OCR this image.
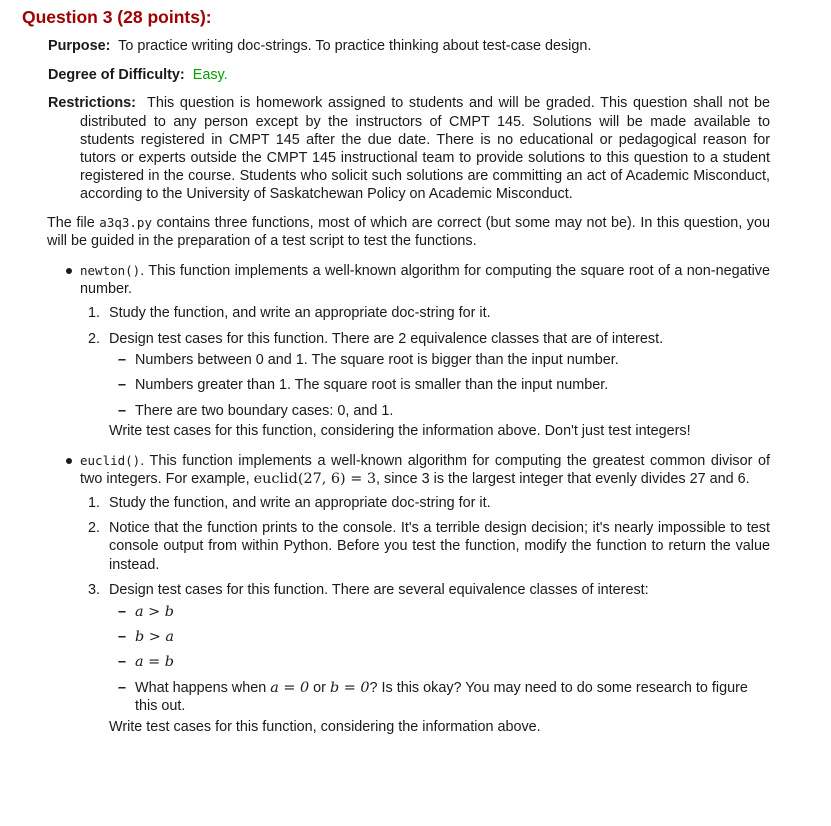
Question 3 (28 points):
Purpose: To practice writing doc-strings. To practice thinking about test-case design.
Degree of Difficulty: Easy.
Restrictions: This question is homework assigned to students and will be graded. This question shall not be distributed to any person except by the instructors of CMPT 145. Solutions will be made available to students registered in CMPT 145 after the due date. There is no educational or pedagogical reason for tutors or experts outside the CMPT 145 instructional team to provide solutions to this question to a student registered in the course. Students who solicit such solutions are committing an act of Academic Misconduct, according to the University of Saskatchewan Policy on Academic Misconduct.
The file a3q3.py contains three functions, most of which are correct (but some may not be). In this question, you will be guided in the preparation of a test script to test the functions.
newton(). This function implements a well-known algorithm for computing the square root of a non-negative number.
1. Study the function, and write an appropriate doc-string for it.
2. Design test cases for this function. There are 2 equivalence classes that are of interest.
– Numbers between 0 and 1. The square root is bigger than the input number.
– Numbers greater than 1. The square root is smaller than the input number.
– There are two boundary cases: 0, and 1.
Write test cases for this function, considering the information above. Don't just test integers!
euclid(). This function implements a well-known algorithm for computing the greatest common divisor of two integers. For example, euclid(27, 6) = 3, since 3 is the largest integer that evenly divides 27 and 6.
1. Study the function, and write an appropriate doc-string for it.
2. Notice that the function prints to the console. It's a terrible design decision; it's nearly impossible to test console output from within Python. Before you test the function, modify the function to return the value instead.
3. Design test cases for this function. There are several equivalence classes of interest:
– a > b
– b > a
– a = b
– What happens when a = 0 or b = 0? Is this okay? You may need to do some research to figure this out.
Write test cases for this function, considering the information above.
